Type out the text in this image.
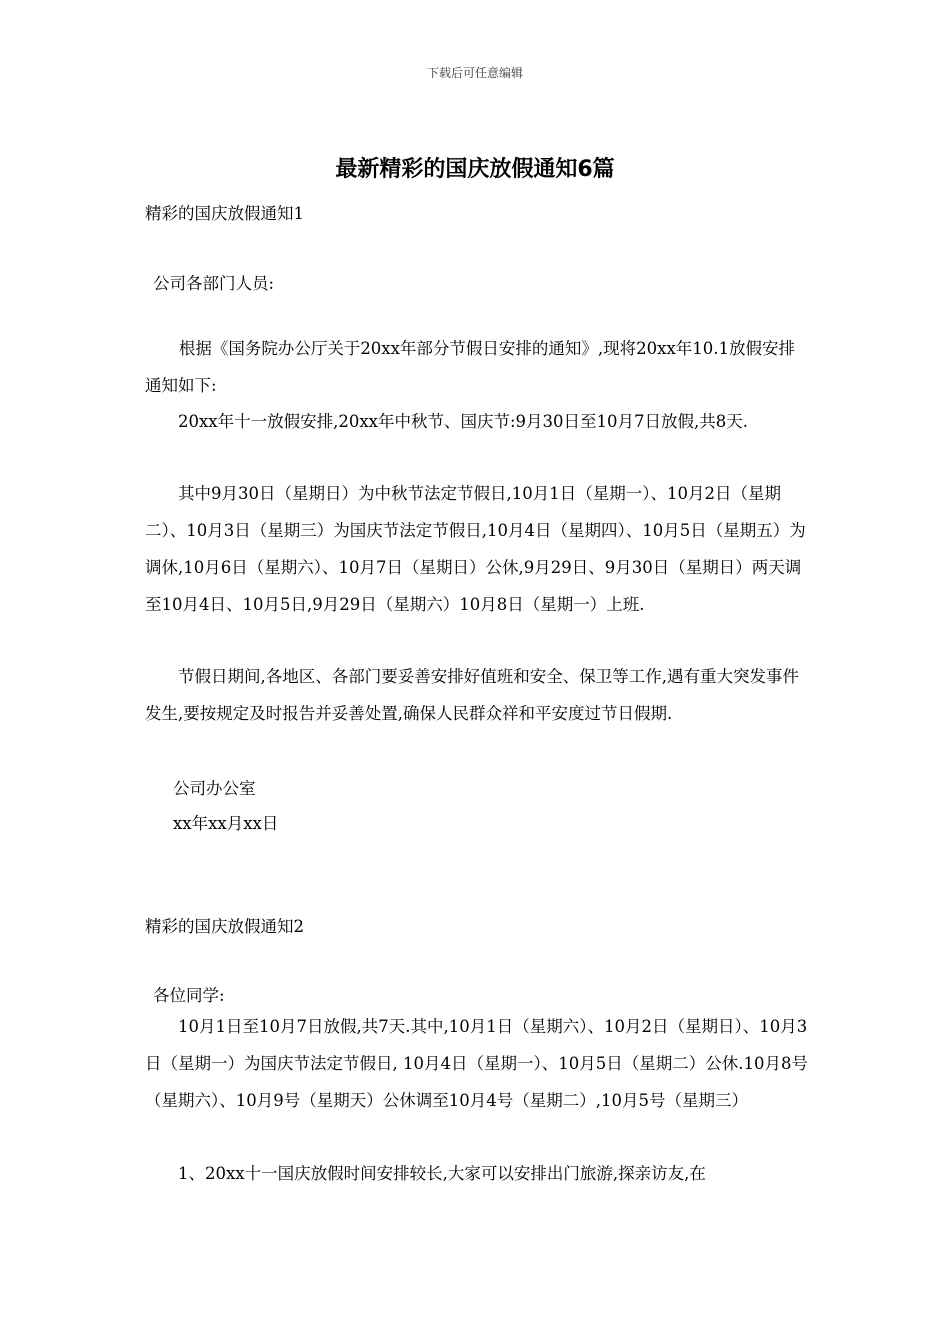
下载后可任意编辑
最新精彩的国庆放假通知6篇

精彩的国庆放假通知1

公司各部门人员:

根据《国务院办公厅关于20xx年部分节假日安排的通知》,现将20xx年10.1放假安排通知如下:

20xx年十一放假安排,20xx年中秋节、国庆节:9月30日至10月7日放假,共8天.

其中9月30日（星期日）为中秋节法定节假日,10月1日（星期一）、10月2日（星期二）、10月3日（星期三）为国庆节法定节假日,10月4日（星期四）、10月5日（星期五）为调休,10月6日（星期六）、10月7日（星期日）公休,9月29日、9月30日（星期日）两天调至10月4日、10月5日,9月29日（星期六）10月8日（星期一）上班.

节假日期间,各地区、各部门要妥善安排好值班和安全、保卫等工作,遇有重大突发事件发生,要按规定及时报告并妥善处置,确保人民群众祥和平安度过节日假期.

公司办公室

xx年xx月xx日

精彩的国庆放假通知2

各位同学:

10月1日至10月7日放假,共7天.其中,10月1日（星期六）、10月2日（星期日）、10月3日（星期一）为国庆节法定节假日, 10月4日（星期一）、10月5日（星期二）公休.10月8号（星期六）、10月9号（星期天）公休调至10月4号（星期二）,10月5号（星期三）

1、20xx十一国庆放假时间安排较长,大家可以安排出门旅游,探亲访友,在
